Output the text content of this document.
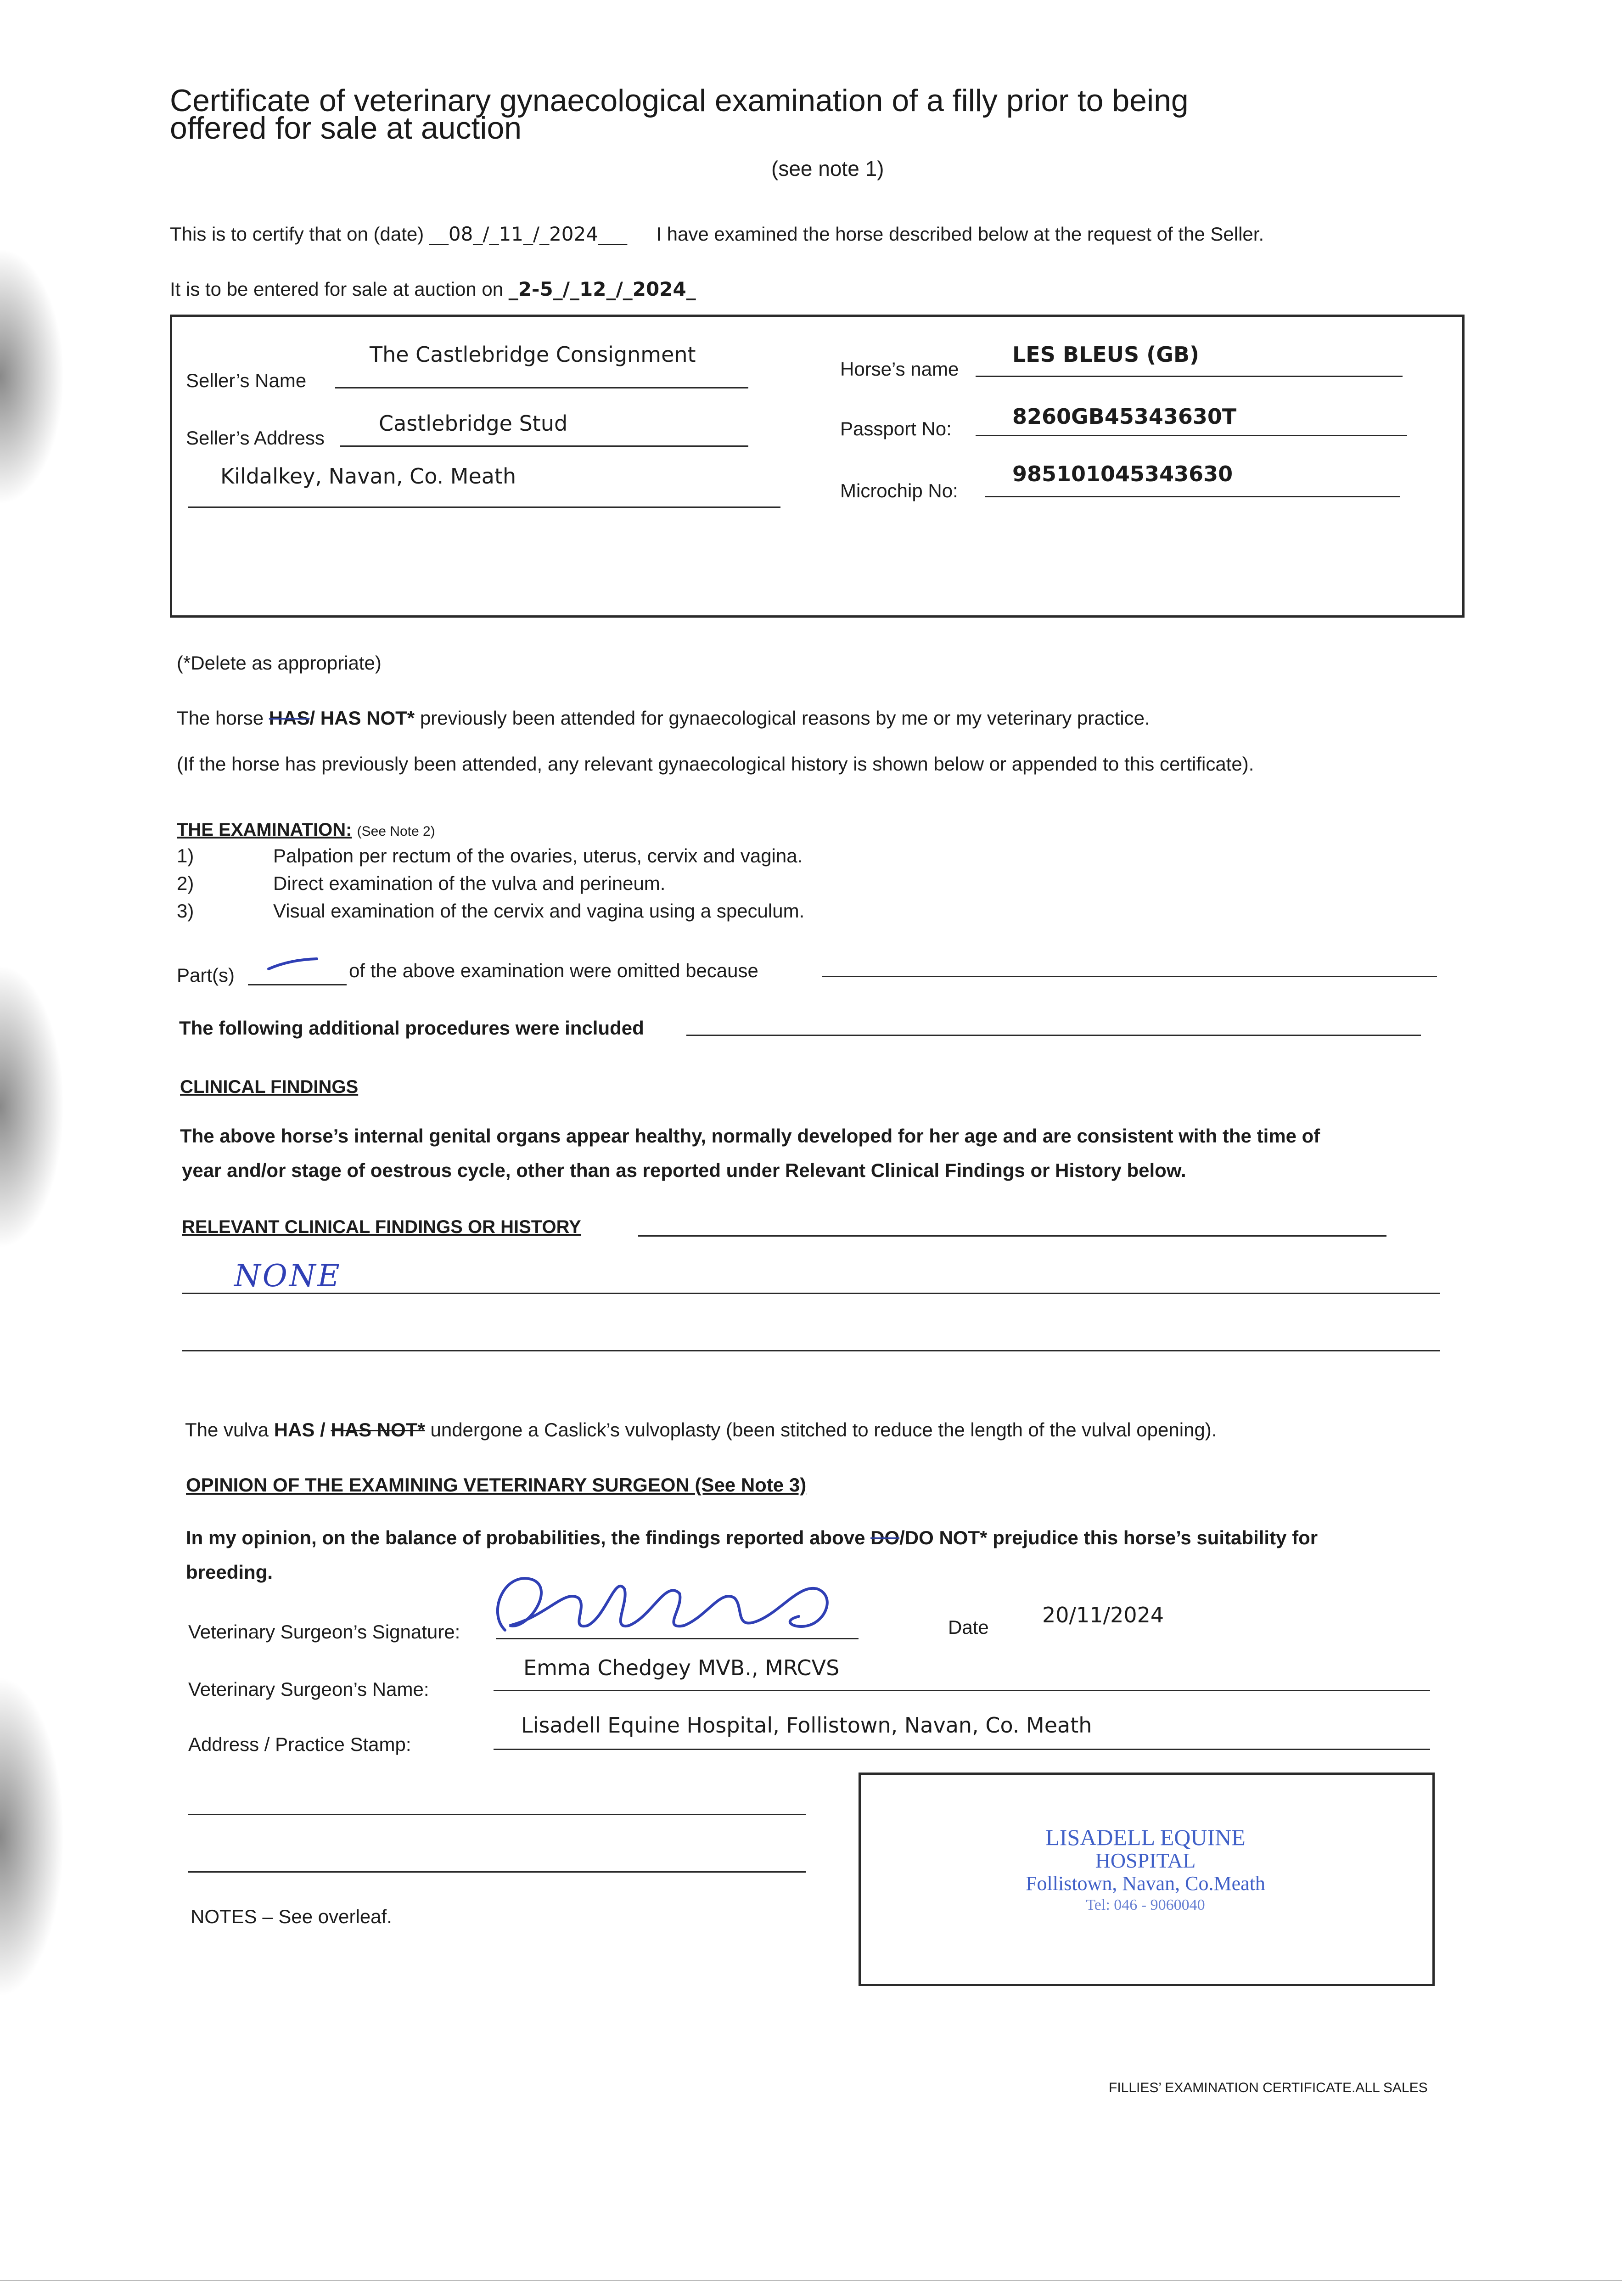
Certificate of veterinary gynaecological examination of a filly prior to being
offered for sale at auction
(see note 1)
This is to certify that on (date) __08_/_11_/_2024___ I have examined the horse described below at the request of the Seller.
It is to be entered for sale at auction on _2-5_/_12_/_2024_
Seller’s Name
The Castlebridge Consignment
Seller’s Address
Castlebridge Stud
Kildalkey, Navan, Co. Meath
Horse’s name
LES BLEUS (GB)
Passport No:	8260GB45343630T
Microchip No:
985101045343630
(*Delete as appropriate)
The horse HAS/ HAS NOT* previously been attended for gynaecological reasons by me or my veterinary practice.
(If the horse has previously been attended, any relevant gynaecological history is shown below or appended to this certificate).
THE EXAMINATION: (See Note 2)
1)	Palpation per rectum of the ovaries, uterus, cervix and vagina.
2)	Direct examination of the vulva and perineum.
3)	Visual examination of the cervix and vagina using a speculum.
Part(s)	of the above examination were omitted because
The following additional procedures were included
CLINICAL FINDINGS
The above horse’s internal genital organs appear healthy, normally developed for her age and are consistent with the time of
year and/or stage of oestrous cycle, other than as reported under Relevant Clinical Findings or History below.
RELEVANT CLINICAL FINDINGS OR HISTORY
NONE
The vulva HAS / HAS NOT* undergone a Caslick’s vulvoplasty (been stitched to reduce the length of the vulval opening).
OPINION OF THE EXAMINING VETERINARY SURGEON (See Note 3)
In my opinion, on the balance of probabilities, the findings reported above DO/DO NOT* prejudice this horse’s suitability for
breeding.
Veterinary Surgeon’s Signature:	Date	20/11/2024
Veterinary Surgeon’s Name:
Emma Chedgey MVB., MRCVS
Address / Practice Stamp:
Lisadell Equine Hospital, Follistown, Navan, Co. Meath
LISADELL EQUINE
HOSPITAL
Follistown, Navan, Co.Meath
Tel: 046 - 9060040
NOTES – See overleaf.
FILLIES’ EXAMINATION CERTIFICATE.ALL SALES
